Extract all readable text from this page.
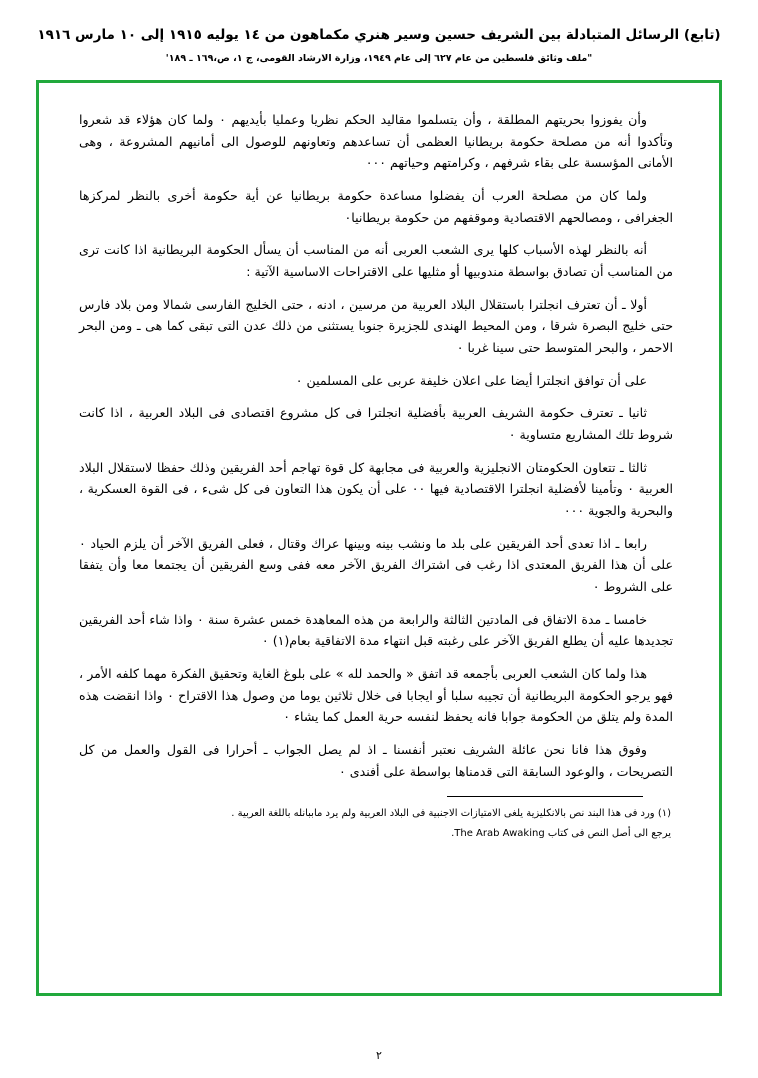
(تابع) الرسائل المتبادلة بين الشريف حسين وسير هنري مكماهون من ١٤ يوليه ١٩١٥ إلى ١٠ مارس ١٩١٦
"ملف وثائق فلسطين من عام ٦٢٧ إلى عام ١٩٤٩، وزارة الارشاد القومى، ج ١، ص،١٦٩ ـ ١٨٩'

وأن يفوزوا بحريتهم المطلقة ، وأن يتسلموا مقاليد الحكم نظريا وعمليا بأيديهم ٠ ولما كان هؤلاء قد شعروا وتأكدوا أنه من مصلحة حكومة بريطانيا العظمى أن تساعدهم وتعاونهم للوصول الى أمانيهم المشروعة ، وهى الأمانى المؤسسة على بقاء شرفهم ، وكرامتهم وحياتهم ٠٠٠

ولما كان من مصلحة العرب أن يفضلوا مساعدة حكومة بريطانيا عن أية حكومة أخرى بالنظر لمركزها الجغرافى ، ومصالحهم الاقتصادية وموقفهم من حكومة بريطانيا٠

أنه بالنظر لهذه الأسباب كلها يرى الشعب العربى أنه من المناسب أن يسأل الحكومة البريطانية اذا كانت ترى من المناسب أن تصادق بواسطة مندوبيها أو مثليها على الاقتراحات الاساسية الآتية :

أولا ـ أن تعترف انجلترا باستقلال البلاد العربية من مرسين ، ادنه ، حتى الخليج الفارسى شمالا ومن بلاد فارس حتى خليج البصرة شرقا ، ومن المحيط الهندى للجزيرة جنوبا يستثنى من ذلك عدن التى تبقى كما هى ـ ومن البحر الاحمر ، والبحر المتوسط حتى سينا غربا ٠

على أن توافق انجلترا أيضا على اعلان خليفة عربى على المسلمين ٠

ثانيا ـ تعترف حكومة الشريف العربية بأفضلية انجلترا فى كل مشروع اقتصادى فى البلاد العربية ، اذا كانت شروط تلك المشاريع متساوية ٠

ثالثا ـ تتعاون الحكومتان الانجليزية والعربية فى مجابهة كل قوة تهاجم أحد الفريقين وذلك حفظا لاستقلال البلاد العربية ٠ وتأمينا لأفضلية انجلترا الاقتصادية فيها ٠٠ على أن يكون هذا التعاون فى كل شىء ، فى القوة العسكرية ، والبحرية والجوية ٠٠٠

رابعا ـ اذا تعدى أحد الفريقين على بلد ما ونشب بينه وبينها عراك وقتال ، فعلى الفريق الآخر أن يلزم الحياد ٠ على أن هذا الفريق المعتدى اذا رغب فى اشتراك الفريق الآخر معه ففى وسع الفريقين أن يجتمعا معا وأن يتفقا على الشروط ٠

خامسا ـ مدة الاتفاق فى المادتين الثالثة والرابعة من هذه المعاهدة خمس عشرة سنة ٠ واذا شاء أحد الفريقين تجديدها عليه أن يطلع الفريق الآخر على رغبته قبل انتهاء مدة الاتفاقية بعام(١) ٠

هذا ولما كان الشعب العربى بأجمعه قد اتفق « والحمد لله » على بلوغ الغاية وتحقيق الفكرة مهما كلفه الأمر ، فهو يرجو الحكومة البريطانية أن تجيبه سلبا أو ايجابا فى خلال ثلاثين يوما من وصول هذا الاقتراح ٠ واذا انقضت هذه المدة ولم يتلق من الحكومة جوابا فانه يحفظ لنفسه حرية العمل كما يشاء ٠

وفوق هذا فانا نحن عائلة الشريف نعتبر أنفسنا ـ اذ لم يصل الجواب ـ أحرارا فى القول والعمل من كل التصريحات ، والوعود السابقة التى قدمناها بواسطة على أفندى ٠

(١) ورد فى هذا البند نص بالانكليزية يلغى الامتيازات الاجنبية فى البلاد العربية ولم يرد ماببانله باللغة العربية .

يرجع الى أصل النص فى كتاب The Arab Awaking.

٢
